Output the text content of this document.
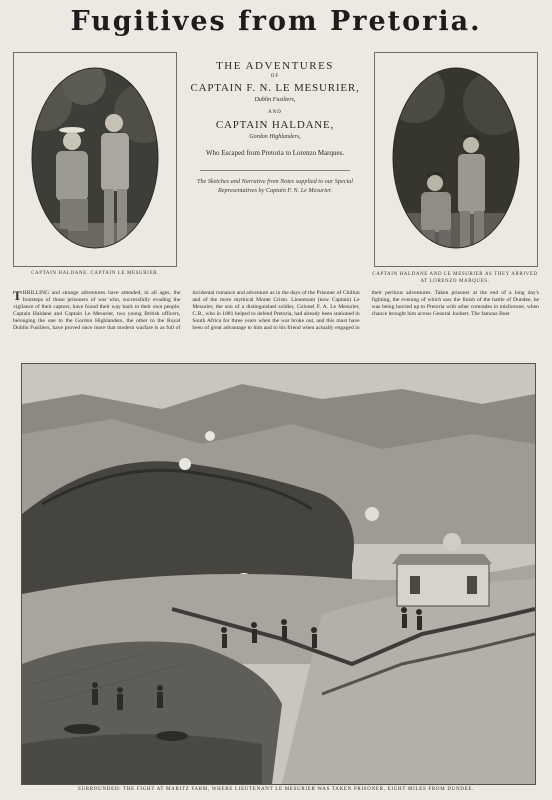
Fugitives from Pretoria.
CAPTAIN HALDANE. CAPTAIN LE MESURIER.
THE ADVENTURES
OF
CAPTAIN F. N. LE MESURIER,
Dublin Fusiliers,
AND
CAPTAIN HALDANE,
Gordon Highlanders,
Who Escaped from Pretoria to Lorenzo Marques.
The Sketches and Narrative from Notes supplied to our Special Representatives by Captain F. N. Le Mesurier.
CAPTAIN HALDANE AND LE MESURIER AS THEY ARRIVED
AT LORENZO MARQUES.

THRILLING and strange adventures have attended, in all ages, the footsteps of those prisoners of war who, successfully evading the vigilance of their captors, have found their way back to their own people. Captain Haldane and Captain Le Mesurier, two young British officers, belonging the one to the Gordon Highlanders, the other to the Royal Dublin Fusiliers, have proved once more that modern warfare is as full of incidental romance and adventure as in the days of the Prisoner of Chillon and of the more mythical Monte Cristo. Lieutenant (now Captain) Le Mesurier, the son of a distinguished soldier, Colonel F. A. Le Mesurier, C.B., who in 1881 helped to defend Pretoria, had already been stationed in South Africa for three years when the war broke out, and this must have been of great advantage to him and to his friend when actually engaged in their perilous adventures. Taken prisoner at the end of a long day's fighting, the evening of which saw the finish of the battle of Dundee, he was being hurried up to Pretoria with other comrades in misfortune, when chance brought him across General Joubert. The famous Boer

SURROUNDED: THE FIGHT AT MARITZ FARM, WHERE LIEUTENANT LE MESURIER WAS TAKEN PRISONER, EIGHT MILES FROM DUNDEE.
